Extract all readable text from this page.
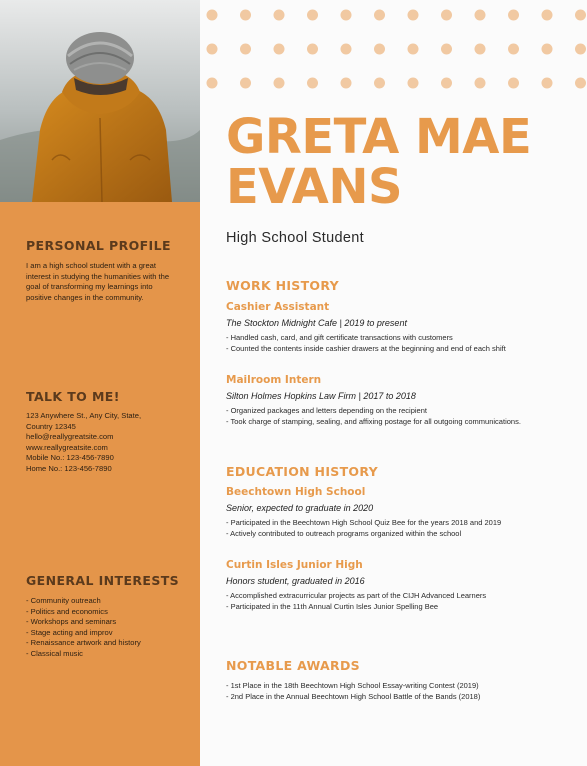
PERSONAL PROFILE

I am a high school student with a great interest in studying the humanities with the goal of transforming my learnings into positive changes in the community.

TALK TO ME!
123 Anywhere St., Any City, State,
Country 12345
hello@reallygreatsite.com
www.reallygreatsite.com
Mobile No.: 123-456-7890
Home No.: 123-456-7890
GENERAL INTERESTS
- Community outreach
- Politics and economics
- Workshops and seminars
- Stage acting and improv
- Renaissance artwork and history
- Classical music
GRETA MAE
EVANS

High School Student

WORK HISTORY
Cashier Assistant

The Stockton Midnight Cafe | 2019 to present

- Handled cash, card, and gift certificate transactions with customers
- Counted the contents inside cashier drawers at the beginning and end of each shift
Mailroom Intern

Silton Holmes Hopkins Law Firm | 2017 to 2018

- Organized packages and letters depending on the recipient
- Took charge of stamping, sealing, and affixing postage for all outgoing communications.
EDUCATION HISTORY
Beechtown High School

Senior, expected to graduate in 2020

- Participated in the Beechtown High School Quiz Bee for the years 2018 and 2019
- Actively contributed to outreach programs organized within the school
Curtin Isles Junior High

Honors student, graduated in 2016

- Accomplished extracurricular projects as part of the CIJH Advanced Learners
- Participated in the 11th Annual Curtin Isles Junior Spelling Bee
NOTABLE AWARDS
- 1st Place in the 18th Beechtown High School Essay-writing Contest (2019)
- 2nd Place in the Annual Beechtown High School Battle of the Bands (2018)
